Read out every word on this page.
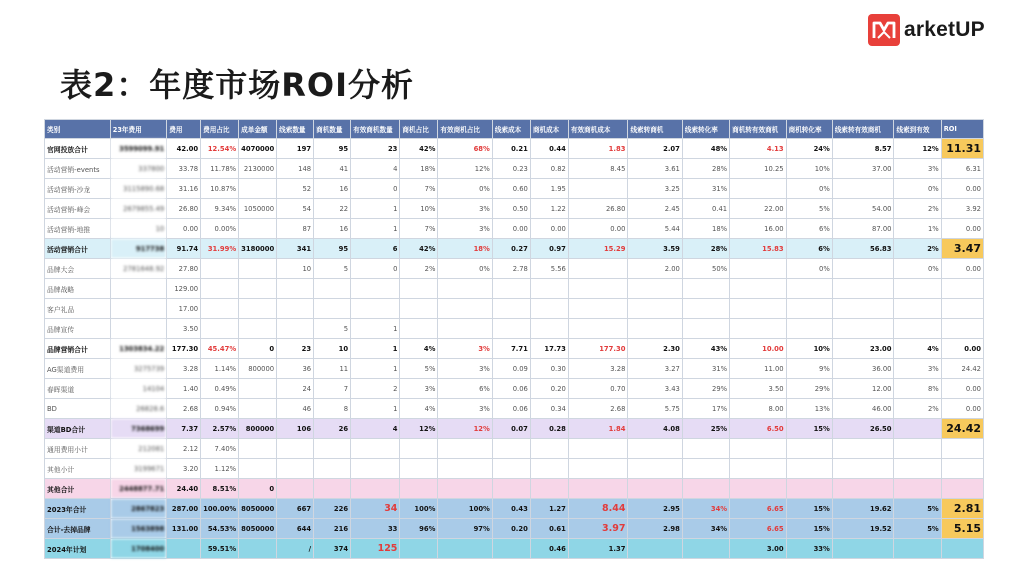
arketUP
表2：年度市场ROI分析
类别	23年费用	费用	费用占比	成单金额	线索数量	商机数量	有效商机数量	商机占比	有效商机占比	线索成本	商机成本	有效商机成本	线索转商机	线索转化率	商机转有效商机	商机转化率	线索转有效商机	线索到有效	ROI
官网投放合计	3599099.91	42.00	12.54%	4070000	197	95	23	42%	68%	0.21	0.44	1.83	2.07	48%	4.13	24%	8.57	12%	11.31
活动营销-events	337800	33.78	11.78%	2130000	148	41	4	18%	12%	0.23	0.82	8.45	3.61	28%	10.25	10%	37.00	3%	6.31
活动营销-沙龙	3115890.68	31.16	10.87%		52	16	0	7%	0%	0.60	1.95		3.25	31%		0%		0%	0.00
活动营销-峰会	2679855.49	26.80	9.34%	1050000	54	22	1	10%	3%	0.50	1.22	26.80	2.45	0.41	22.00	5%	54.00	2%	3.92
活动营销-地推	10	0.00	0.00%		87	16	1	7%	3%	0.00	0.00	0.00	5.44	18%	16.00	6%	87.00	1%	0.00
活动营销合计	917738	91.74	31.99%	3180000	341	95	6	42%	18%	0.27	0.97	15.29	3.59	28%	15.83	6%	56.83	2%	3.47
品牌大会	2781648.92	27.80			10	5	0	2%	0%	2.78	5.56		2.00	50%		0%		0%	0.00
品牌战略		129.00																	
客户礼品		17.00																	
品牌宣传		3.50				5	1												
品牌营销合计	1303834.22	177.30	45.47%	0	23	10	1	4%	3%	7.71	17.73	177.30	2.30	43%	10.00	10%	23.00	4%	0.00
AG渠道费用	3275739	3.28	1.14%	800000	36	11	1	5%	3%	0.09	0.30	3.28	3.27	31%	11.00	9%	36.00	3%	24.42
春晖渠道	14104	1.40	0.49%		24	7	2	3%	6%	0.06	0.20	0.70	3.43	29%	3.50	29%	12.00	8%	0.00
BD	26828.6	2.68	0.94%		46	8	1	4%	3%	0.06	0.34	2.68	5.75	17%	8.00	13%	46.00	2%	0.00
渠道BD合计	7368699	7.37	2.57%	800000	106	26	4	12%	12%	0.07	0.28	1.84	4.08	25%	6.50	15%	26.50		24.42
通用费用小计	212081	2.12	7.40%																
其他小计	3199671	3.20	1.12%																
其他合计	2448877.71	24.40	8.51%	0															
2023年合计	2867823	287.00	100.00%	8050000	667	226	34	100%	100%	0.43	1.27	8.44	2.95	34%	6.65	15%	19.62	5%	2.81
合计-去掉品牌	1563898	131.00	54.53%	8050000	644	216	33	96%	97%	0.20	0.61	3.97	2.98	34%	6.65	15%	19.52	5%	5.15
2024年计划	1708400		59.51%		/	374	125				0.46	1.37			3.00	33%			
